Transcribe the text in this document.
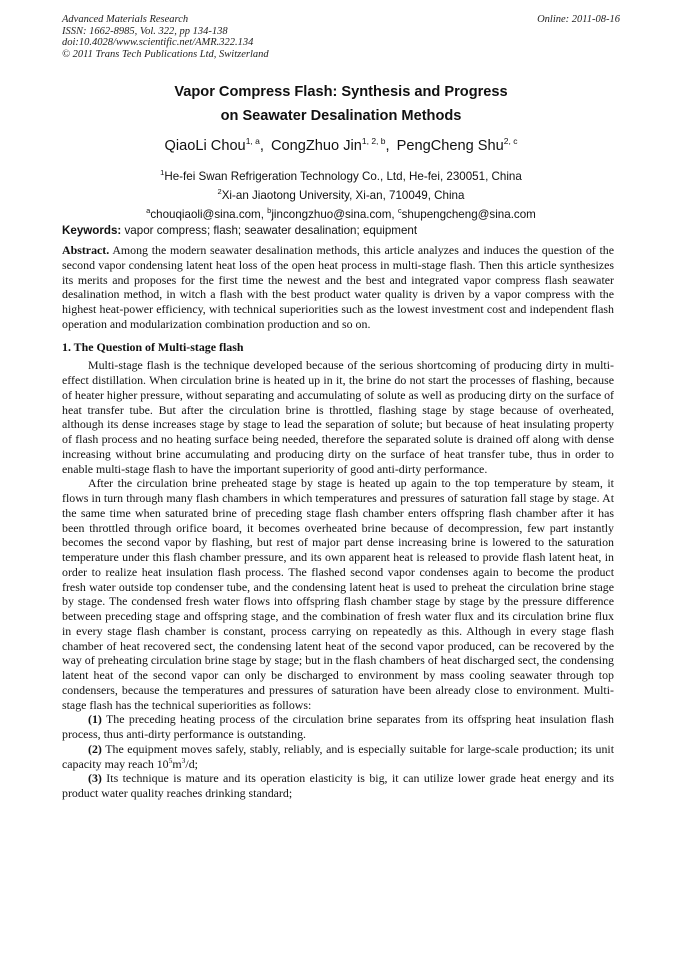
Advanced Materials Research
ISSN: 1662-8985, Vol. 322, pp 134-138
doi:10.4028/www.scientific.net/AMR.322.134
© 2011 Trans Tech Publications Ltd, Switzerland
Online: 2011-08-16
Vapor Compress Flash: Synthesis and Progress
on Seawater Desalination Methods
QiaoLi Chou$^{1, a}$, CongZhuo Jin$^{1, 2, b}$, PengCheng Shu$^{2, c}$
$^1$He-fei Swan Refrigeration Technology Co., Ltd, He-fei, 230051, China
$^2$Xi-an Jiaotong University, Xi-an, 710049, China
$^a$chouqiaoli@sina.com, $^b$jincongzhuo@sina.com, $^c$shupengcheng@sina.com
Keywords: vapor compress; flash; seawater desalination; equipment

Abstract. Among the modern seawater desalination methods, this article analyzes and induces the question of the second vapor condensing latent heat loss of the open heat process in multi-stage flash. Then this article synthesizes its merits and proposes for the first time the newest and the best and integrated vapor compress flash seawater desalination method, in witch a flash with the best product water quality is driven by a vapor compress with the highest heat-power efficiency, with technical superiorities such as the lowest investment cost and independent flash operation and modularization combination production and so on.

1. The Question of Multi-stage flash

Multi-stage flash is the technique developed because of the serious shortcoming of producing dirty in multi-effect distillation. When circulation brine is heated up in it, the brine do not start the processes of flashing, because of heater higher pressure, without separating and accumulating of solute as well as producing dirty on the surface of heat transfer tube. But after the circulation brine is throttled, flashing stage by stage because of overheated, although its dense increases stage by stage to lead the separation of solute; but because of heat insulating property of flash process and no heating surface being needed, therefore the separated solute is drained off along with dense increasing without brine accumulating and producing dirty on the surface of heat transfer tube, thus in order to enable multi-stage flash to have the important superiority of good anti-dirty performance.

After the circulation brine preheated stage by stage is heated up again to the top temperature by steam, it flows in turn through many flash chambers in which temperatures and pressures of saturation fall stage by stage. At the same time when saturated brine of preceding stage flash chamber enters offspring flash chamber after it has been throttled through orifice board, it becomes overheated brine because of decompression, few part instantly becomes the second vapor by flashing, but rest of major part dense increasing brine is lowered to the saturation temperature under this flash chamber pressure, and its own apparent heat is released to provide flash latent heat, in order to realize heat insulation flash process. The flashed second vapor condenses again to become the product fresh water outside top condenser tube, and the condensing latent heat is used to preheat the circulation brine stage by stage. The condensed fresh water flows into offspring flash chamber stage by stage by the pressure difference between preceding stage and offspring stage, and the combination of fresh water flux and its circulation brine flux in every stage flash chamber is constant, process carrying on repeatedly as this. Although in every stage flash chamber of heat recovered sect, the condensing latent heat of the second vapor produced, can be recovered by the way of preheating circulation brine stage by stage; but in the flash chambers of heat discharged sect, the condensing latent heat of the second vapor can only be discharged to environment by mass cooling seawater through top condensers, because the temperatures and pressures of saturation have been already close to environment. Multi-stage flash has the technical superiorities as follows:

(1) The preceding heating process of the circulation brine separates from its offspring heat insulation flash process, thus anti-dirty performance is outstanding.

(2) The equipment moves safely, stably, reliably, and is especially suitable for large-scale production; its unit capacity may reach $10^5m^3/d$;

(3) Its technique is mature and its operation elasticity is big, it can utilize lower grade heat energy and its product water quality reaches drinking standard;
